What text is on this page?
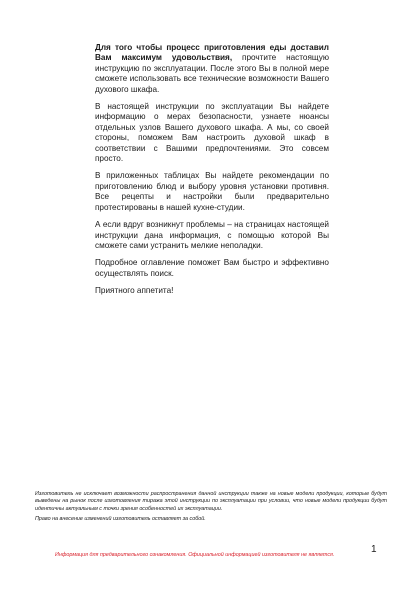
Для того чтобы процесс приготовления еды доставил Вам максимум удовольствия, прочтите настоящую инструкцию по эксплуатации. После этого Вы в полной мере сможете использовать все технические возможности Вашего духового шкафа.

В настоящей инструкции по эксплуатации Вы найдете информацию о мерах безопасности, узнаете нюансы отдельных узлов Вашего духового шкафа. А мы, со своей стороны, поможем Вам настроить духовой шкаф в соответствии с Вашими предпочтениями. Это совсем просто.

В приложенных таблицах Вы найдете рекомендации по приготовлению блюд и выбору уровня установки противня. Все рецепты и настройки были предварительно протестированы в нашей кухне-студии.

А если вдруг возникнут проблемы – на страницах настоящей инструкции дана информация, с помощью которой Вы сможете сами устранить мелкие неполадки.

Подробное оглавление поможет Вам быстро и эффективно осуществлять поиск.

Приятного аппетита!

Изготовитель не исключает возможности распространения данной инструкции также на новые модели продукции, которые будут выведены на рынок после изготовления тиража этой инструкции по эксплуатации при условии, что новые модели продукции будут идентичны актуальным с точки зрения особенностей их эксплуатации.

Право на внесение изменений изготовитель оставляет за собой.

Информация для предварительного ознакомления. Официальной информацией изготовителя не является.	1
